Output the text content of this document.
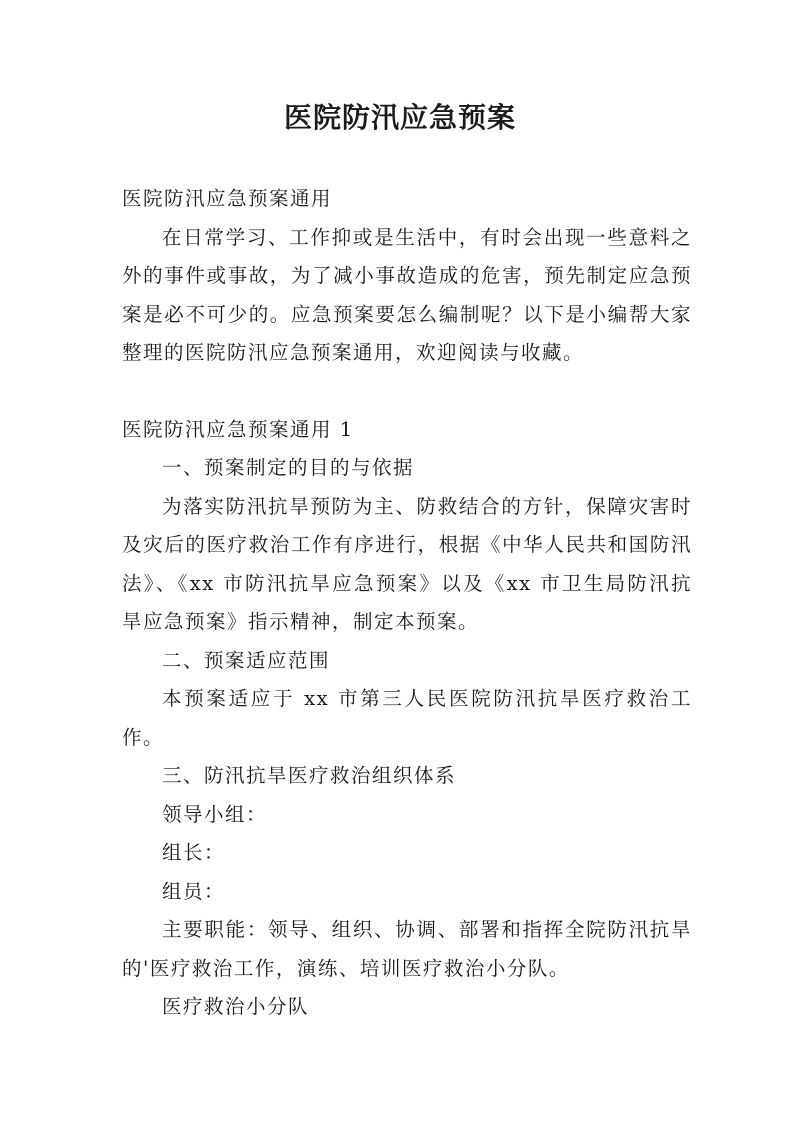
医院防汛应急预案

医院防汛应急预案通用

在日常学习、工作抑或是生活中，有时会出现一些意料之外的事件或事故，为了减小事故造成的危害，预先制定应急预案是必不可少的。应急预案要怎么编制呢？以下是小编帮大家整理的医院防汛应急预案通用，欢迎阅读与收藏。

医院防汛应急预案通用 1

一、预案制定的目的与依据

为落实防汛抗旱预防为主、防救结合的方针，保障灾害时及灾后的医疗救治工作有序进行，根据《中华人民共和国防汛法》、《xx 市防汛抗旱应急预案》以及《xx 市卫生局防汛抗旱应急预案》指示精神，制定本预案。

二、预案适应范围

本预案适应于 xx 市第三人民医院防汛抗旱医疗救治工作。

三、防汛抗旱医疗救治组织体系

领导小组：

组长：

组员：

主要职能：领导、组织、协调、部署和指挥全院防汛抗旱的'医疗救治工作，演练、培训医疗救治小分队。

医疗救治小分队
